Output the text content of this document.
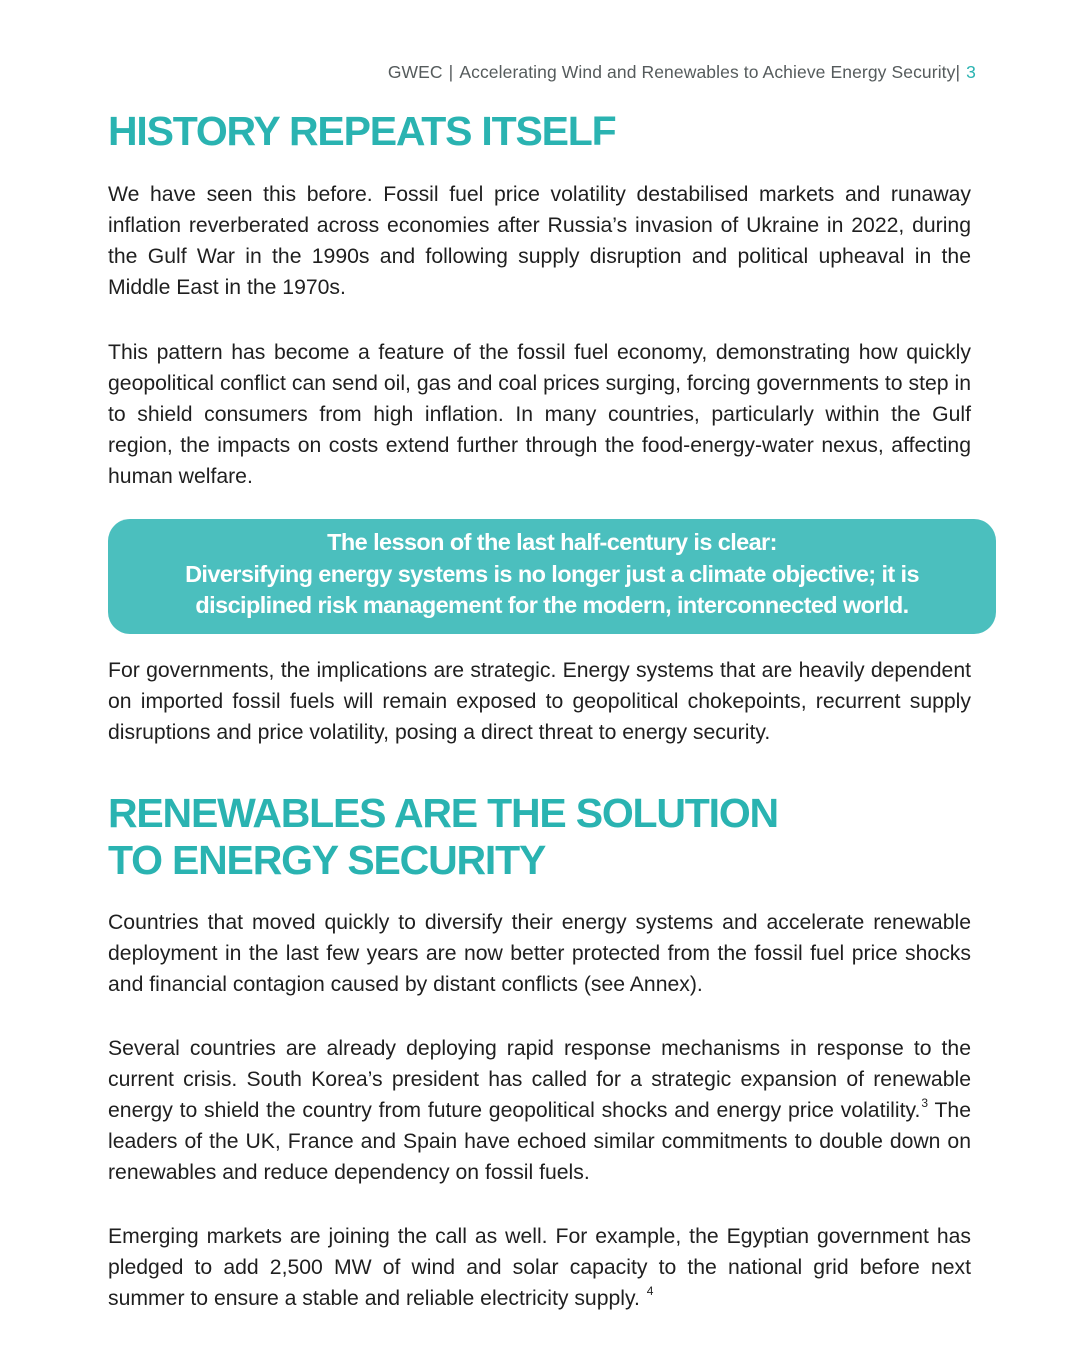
GWEC | Accelerating Wind and Renewables to Achieve Energy Security| 3
HISTORY REPEATS ITSELF

We have seen this before. Fossil fuel price volatility destabilised markets and runaway inflation reverberated across economies after Russia’s invasion of Ukraine in 2022, during the Gulf War in the 1990s and following supply disruption and political upheaval in the Middle East in the 1970s.

This pattern has become a feature of the fossil fuel economy, demonstrating how quickly geopolitical conflict can send oil, gas and coal prices surging, forcing governments to step in to shield consumers from high inflation. In many countries, particularly within the Gulf region, the impacts on costs extend further through the food-energy-water nexus, affecting human welfare.

The lesson of the last half-century is clear:
Diversifying energy systems is no longer just a climate objective; it is
disciplined risk management for the modern, interconnected world.

For governments, the implications are strategic. Energy systems that are heavily dependent on imported fossil fuels will remain exposed to geopolitical chokepoints, recurrent supply disruptions and price volatility, posing a direct threat to energy security.

RENEWABLES ARE THE SOLUTION
TO ENERGY SECURITY

Countries that moved quickly to diversify their energy systems and accelerate renewable deployment in the last few years are now better protected from the fossil fuel price shocks and financial contagion caused by distant conflicts (see Annex).

Several countries are already deploying rapid response mechanisms in response to the current crisis. South Korea’s president has called for a strategic expansion of renewable energy to shield the country from future geopolitical shocks and energy price volatility.$^3$ The leaders of the UK, France and Spain have echoed similar commitments to double down on renewables and reduce dependency on fossil fuels.

Emerging markets are joining the call as well. For example, the Egyptian government has pledged to add 2,500 MW of wind and solar capacity to the national grid before next summer to ensure a stable and reliable electricity supply. $^4$
